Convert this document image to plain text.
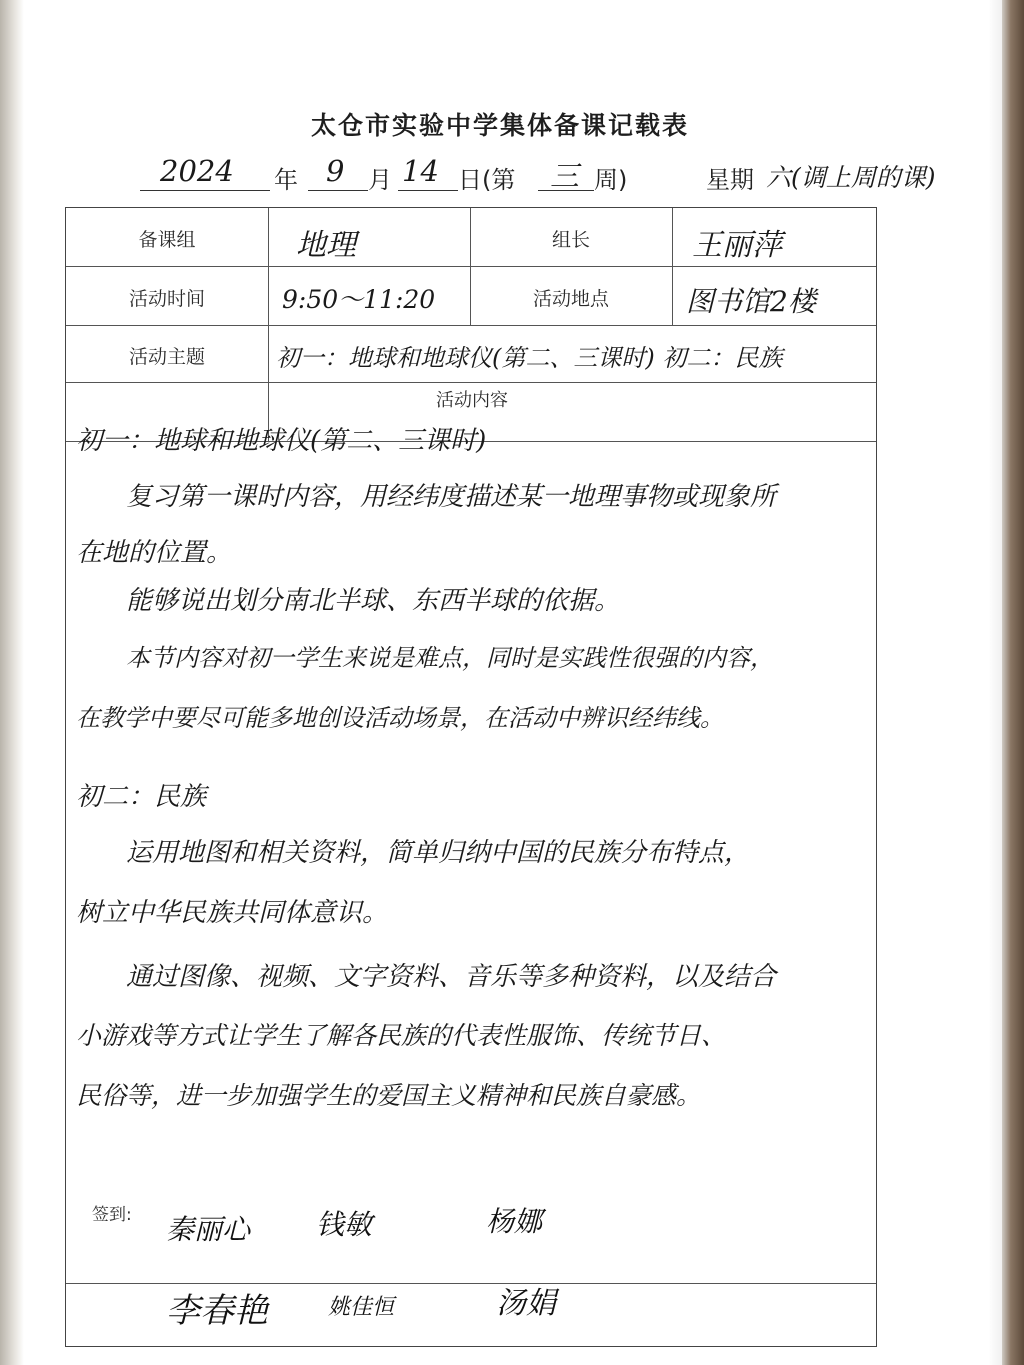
太仓市实验中学集体备课记载表
2024 年 9 月 14 日(第 三 周)	星期 六(调上周的课)
备课组	地理	组长	王丽萍
活动时间	9:50～11:20	活动地点	图书馆2楼
活动主题	初一：地球和地球仪(第二、三课时) 初二：民族
活动内容
初一：地球和地球仪(第二、三课时)
复习第一课时内容，用经纬度描述某一地理事物或现象所
在地的位置。
能够说出划分南北半球、东西半球的依据。
本节内容对初一学生来说是难点，同时是实践性很强的内容，
在教学中要尽可能多地创设活动场景，在活动中辨识经纬线。
初二：民族
运用地图和相关资料，简单归纳中国的民族分布特点，
树立中华民族共同体意识。
通过图像、视频、文字资料、音乐等多种资料，以及结合
小游戏等方式让学生了解各民族的代表性服饰、传统节日、
民俗等，进一步加强学生的爱国主义精神和民族自豪感。
签到: 秦丽心 钱敏	杨娜
李春艳	姚佳恒	汤娟
